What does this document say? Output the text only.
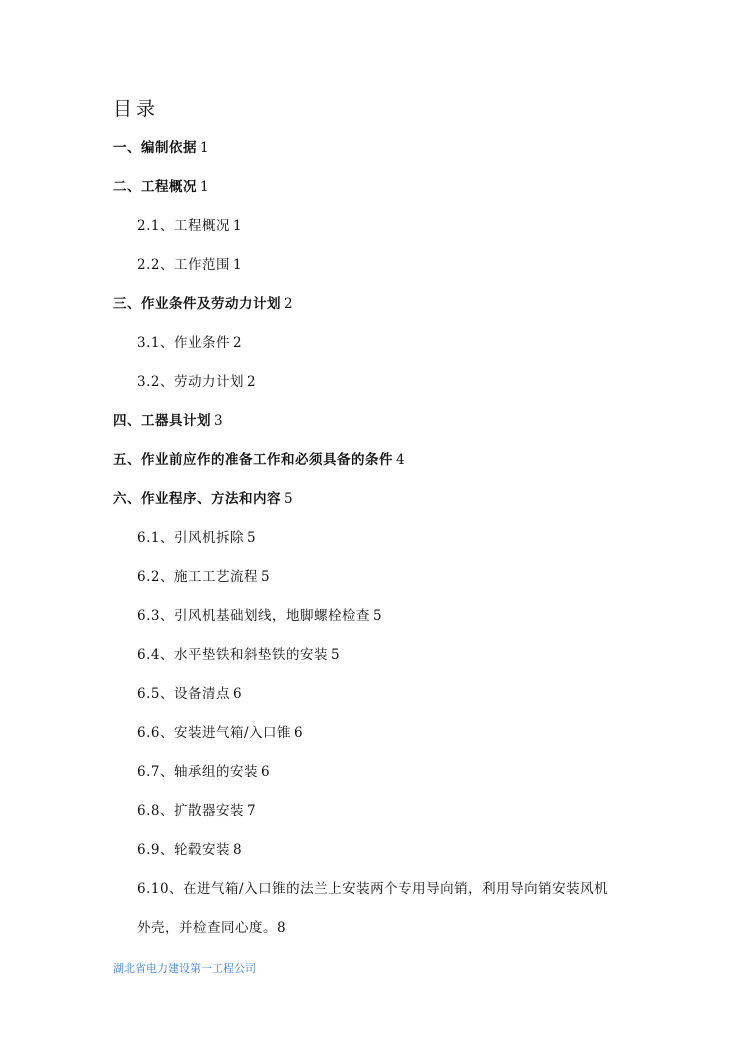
目录
一、编制依据 1
二、工程概况 1
2.1、工程概况 1
2.2、工作范围 1
三、作业条件及劳动力计划 2
3.1、作业条件 2
3.2、劳动力计划 2
四、工器具计划 3
五、作业前应作的准备工作和必须具备的条件 4
六、作业程序、方法和内容 5
6.1、引风机拆除 5
6.2、施工工艺流程 5
6.3、引风机基础划线，地脚螺栓检查 5
6.4、水平垫铁和斜垫铁的安装 5
6.5、设备清点 6
6.6、安装进气箱/入口锥 6
6.7、轴承组的安装 6
6.8、扩散器安装 7
6.9、轮毂安装 8
6.10、在进气箱/入口锥的法兰上安装两个专用导向销，利用导向销安装风机
外壳，并检查同心度。8
湖北省电力建设第一工程公司
